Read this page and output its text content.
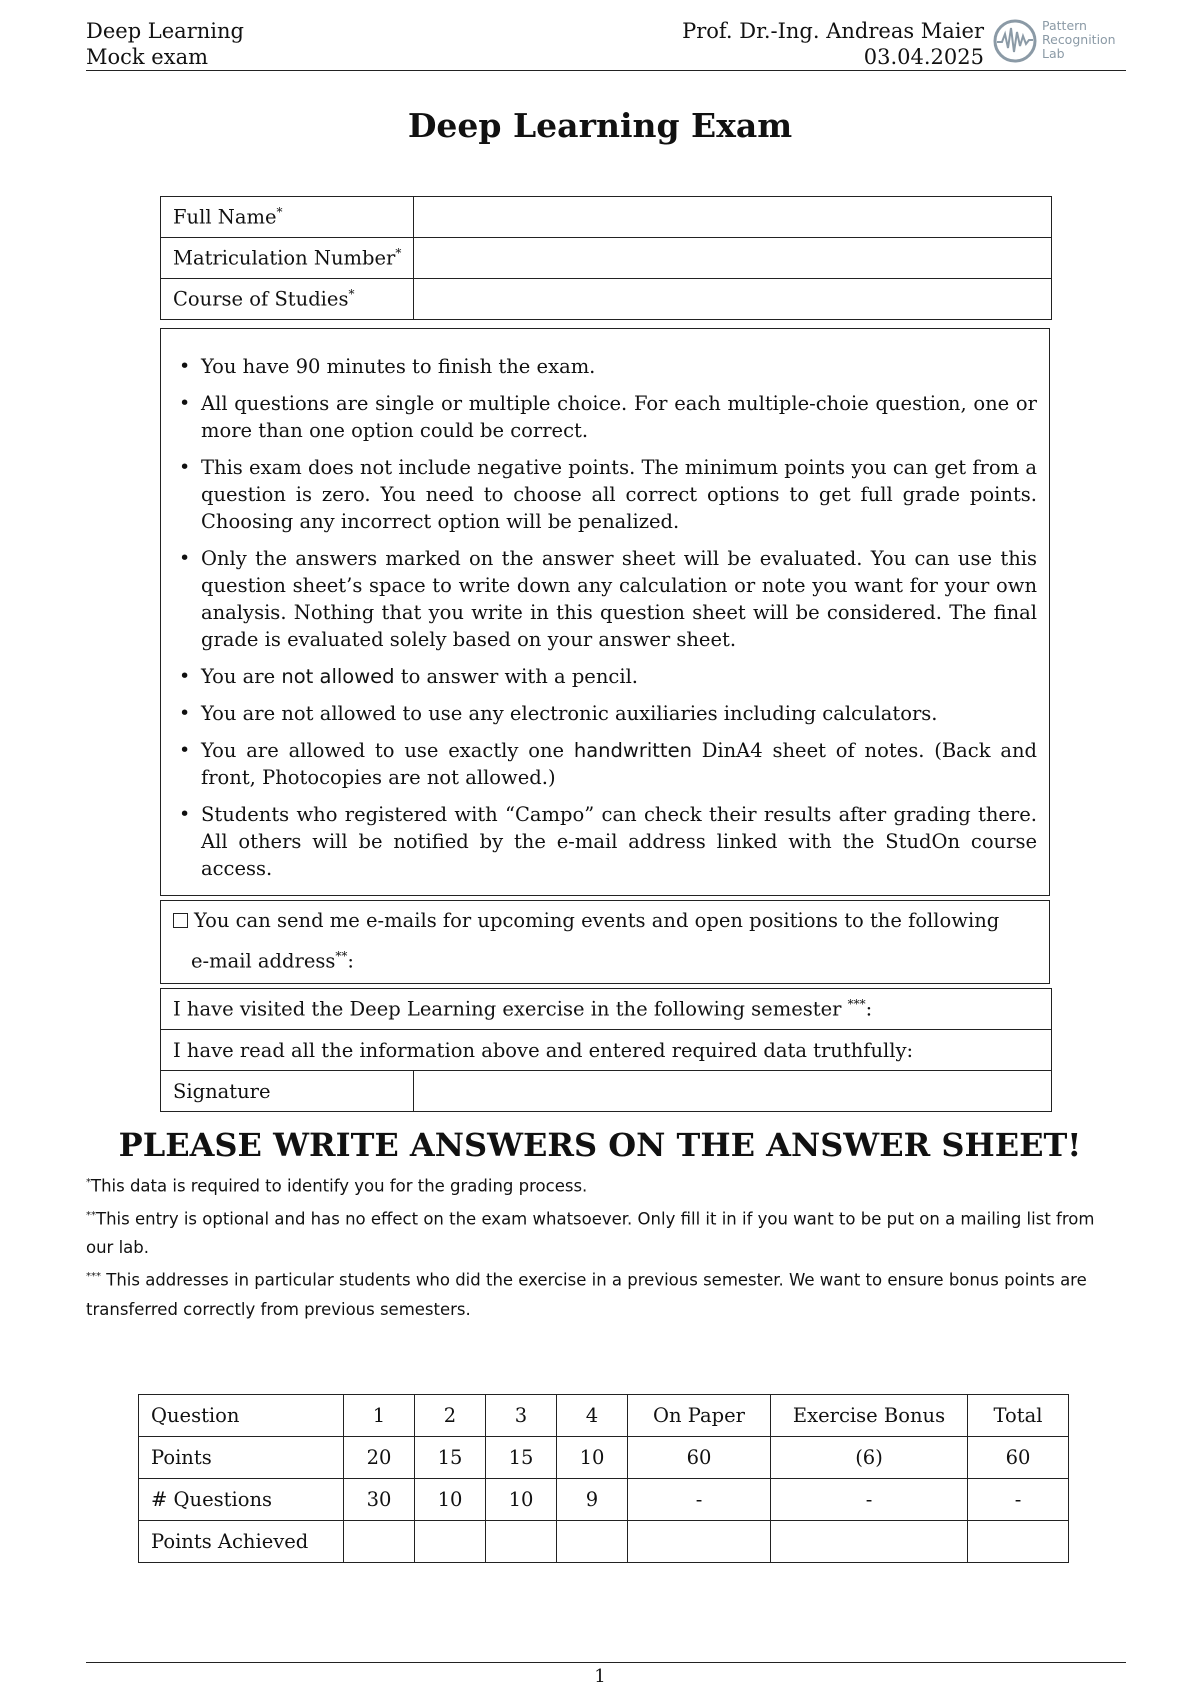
Deep Learning
Mock exam
Prof. Dr.-Ing. Andreas Maier
03.04.2025
Pattern
Recognition
Lab
Deep Learning Exam
Full Name*	
Matriculation Number*	
Course of Studies*	
• You have 90 minutes to finish the exam.
• All questions are single or multiple choice. For each multiple-choie question, one or more than one option could be correct.
• This exam does not include negative points. The minimum points you can get from a question is zero. You need to choose all correct options to get full grade points. Choosing any incorrect option will be penalized.
• Only the answers marked on the answer sheet will be evaluated. You can use this question sheet’s space to write down any calculation or note you want for your own analysis. Nothing that you write in this question sheet will be considered. The final grade is evaluated solely based on your answer sheet.
• You are not allowed to answer with a pencil.
• You are not allowed to use any electronic auxiliaries including calculators.
• You are allowed to use exactly one handwritten DinA4 sheet of notes. (Back and front, Photocopies are not allowed.)
• Students who registered with “Campo” can check their results after grading there. All others will be notified by the e-mail address linked with the StudOn course access.
You can send me e-mails for upcoming events and open positions to the following
e-mail address**:
I have visited the Deep Learning exercise in the following semester ***:
I have read all the information above and entered required data truthfully:
Signature	
PLEASE WRITE ANSWERS ON THE ANSWER SHEET!

*This data is required to identify you for the grading process.

**This entry is optional and has no effect on the exam whatsoever. Only fill it in if you want to be put on a mailing list from our lab.

*** This addresses in particular students who did the exercise in a previous semester. We want to ensure bonus points are transferred correctly from previous semesters.

Question	1	2	3	4	On Paper	Exercise Bonus	Total
Points	20	15	15	10	60	(6)	60
# Questions	30	10	10	9	-	-	-
Points Achieved							
1
